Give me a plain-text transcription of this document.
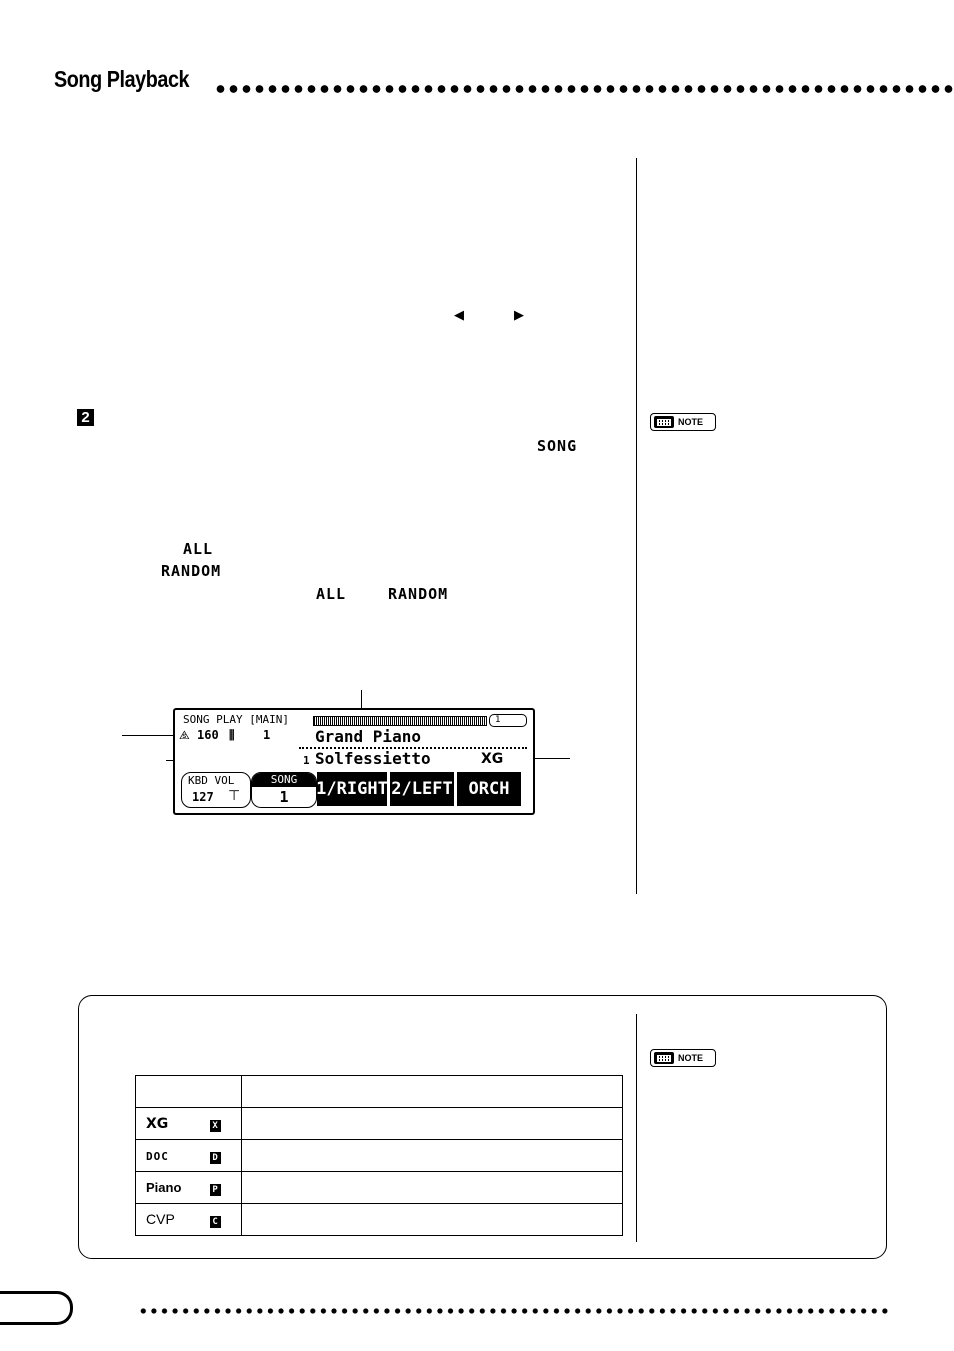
Song Playback
◀	▶
2
SONG
ALL
RANDOM
ALL	RANDOM
NOTE
SONG PLAY [MAIN]	1
⧌ 160 ⫼ 1	Grand Piano
1 Solfessietto	XG
KBD VOL
127 ⊤
SONG
1	1/RIGHT 2/LEFT ORCH
NOTE

XG X	
DOC D	
Piano P	
CVP C	
